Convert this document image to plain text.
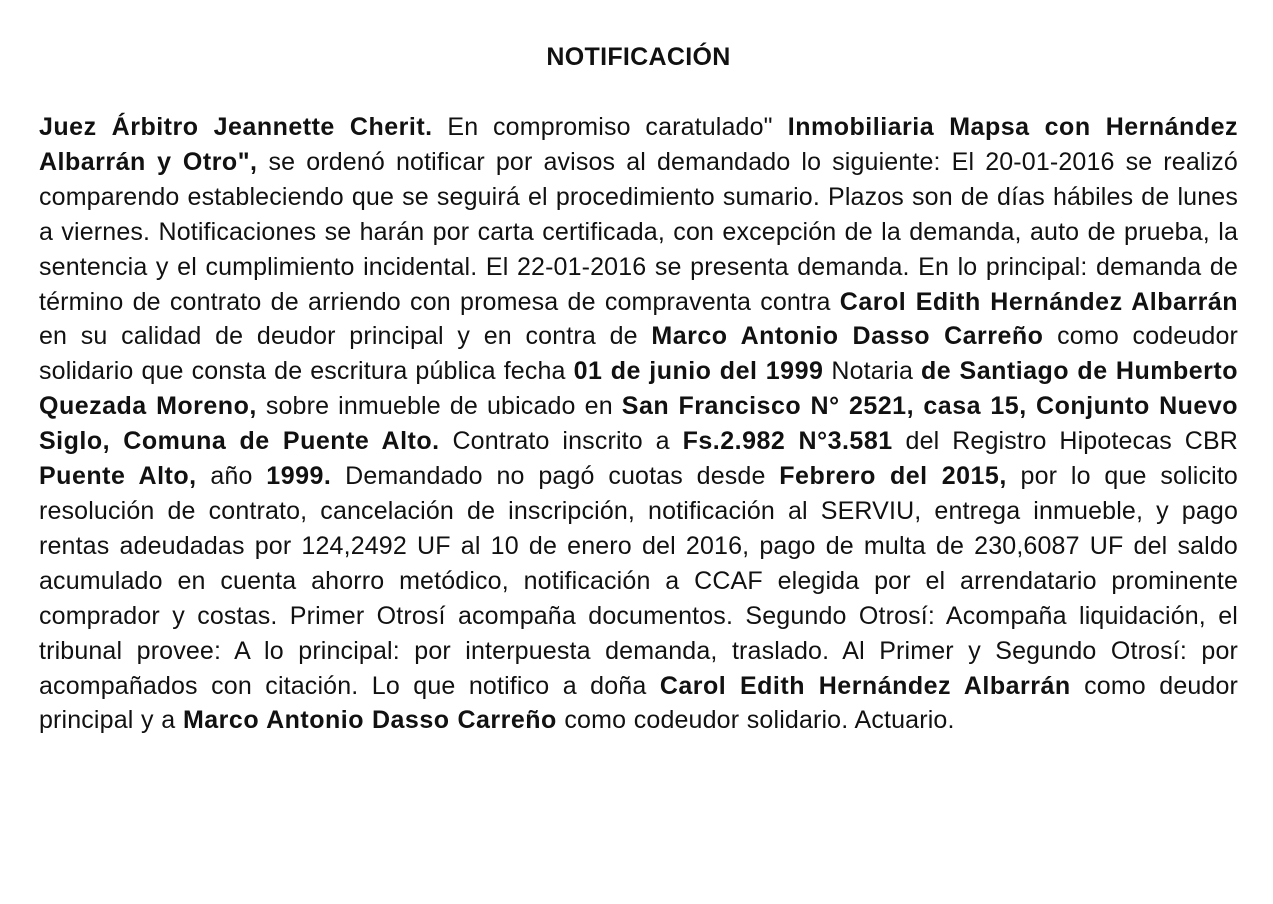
NOTIFICACIÓN

Juez Árbitro Jeannette Cherit. En compromiso caratulado" Inmobiliaria Mapsa con Hernández Albarrán y Otro", se ordenó notificar por avisos al demandado lo siguiente: El 20-01-2016 se realizó comparendo estableciendo que se seguirá el procedimiento sumario. Plazos son de días hábiles de lunes a viernes. Notificaciones se harán por carta certificada, con excepción de la demanda, auto de prueba, la sentencia y el cumplimiento incidental. El 22-01-2016 se presenta demanda. En lo principal: demanda de término de contrato de arriendo con promesa de compraventa contra Carol Edith Hernández Albarrán en su calidad de deudor principal y en contra de Marco Antonio Dasso Carreño como codeudor solidario que consta de escritura pública fecha 01 de junio del 1999 Notaria de Santiago de Humberto Quezada Moreno, sobre inmueble de ubicado en San Francisco N° 2521, casa 15, Conjunto Nuevo Siglo, Comuna de Puente Alto. Contrato inscrito a Fs.2.982 N°3.581 del Registro Hipotecas CBR Puente Alto, año 1999. Demandado no pagó cuotas desde Febrero del 2015, por lo que solicito resolución de contrato, cancelación de inscripción, notificación al SERVIU, entrega inmueble, y pago rentas adeudadas por 124,2492 UF al 10 de enero del 2016, pago de multa de 230,6087 UF del saldo acumulado en cuenta ahorro metódico, notificación a CCAF elegida por el arrendatario prominente comprador y costas. Primer Otrosí acompaña documentos. Segundo Otrosí: Acompaña liquidación, el tribunal provee: A lo principal: por interpuesta demanda, traslado. Al Primer y Segundo Otrosí: por acompañados con citación. Lo que notifico a doña Carol Edith Hernández Albarrán como deudor principal y a Marco Antonio Dasso Carreño como codeudor solidario. Actuario.
